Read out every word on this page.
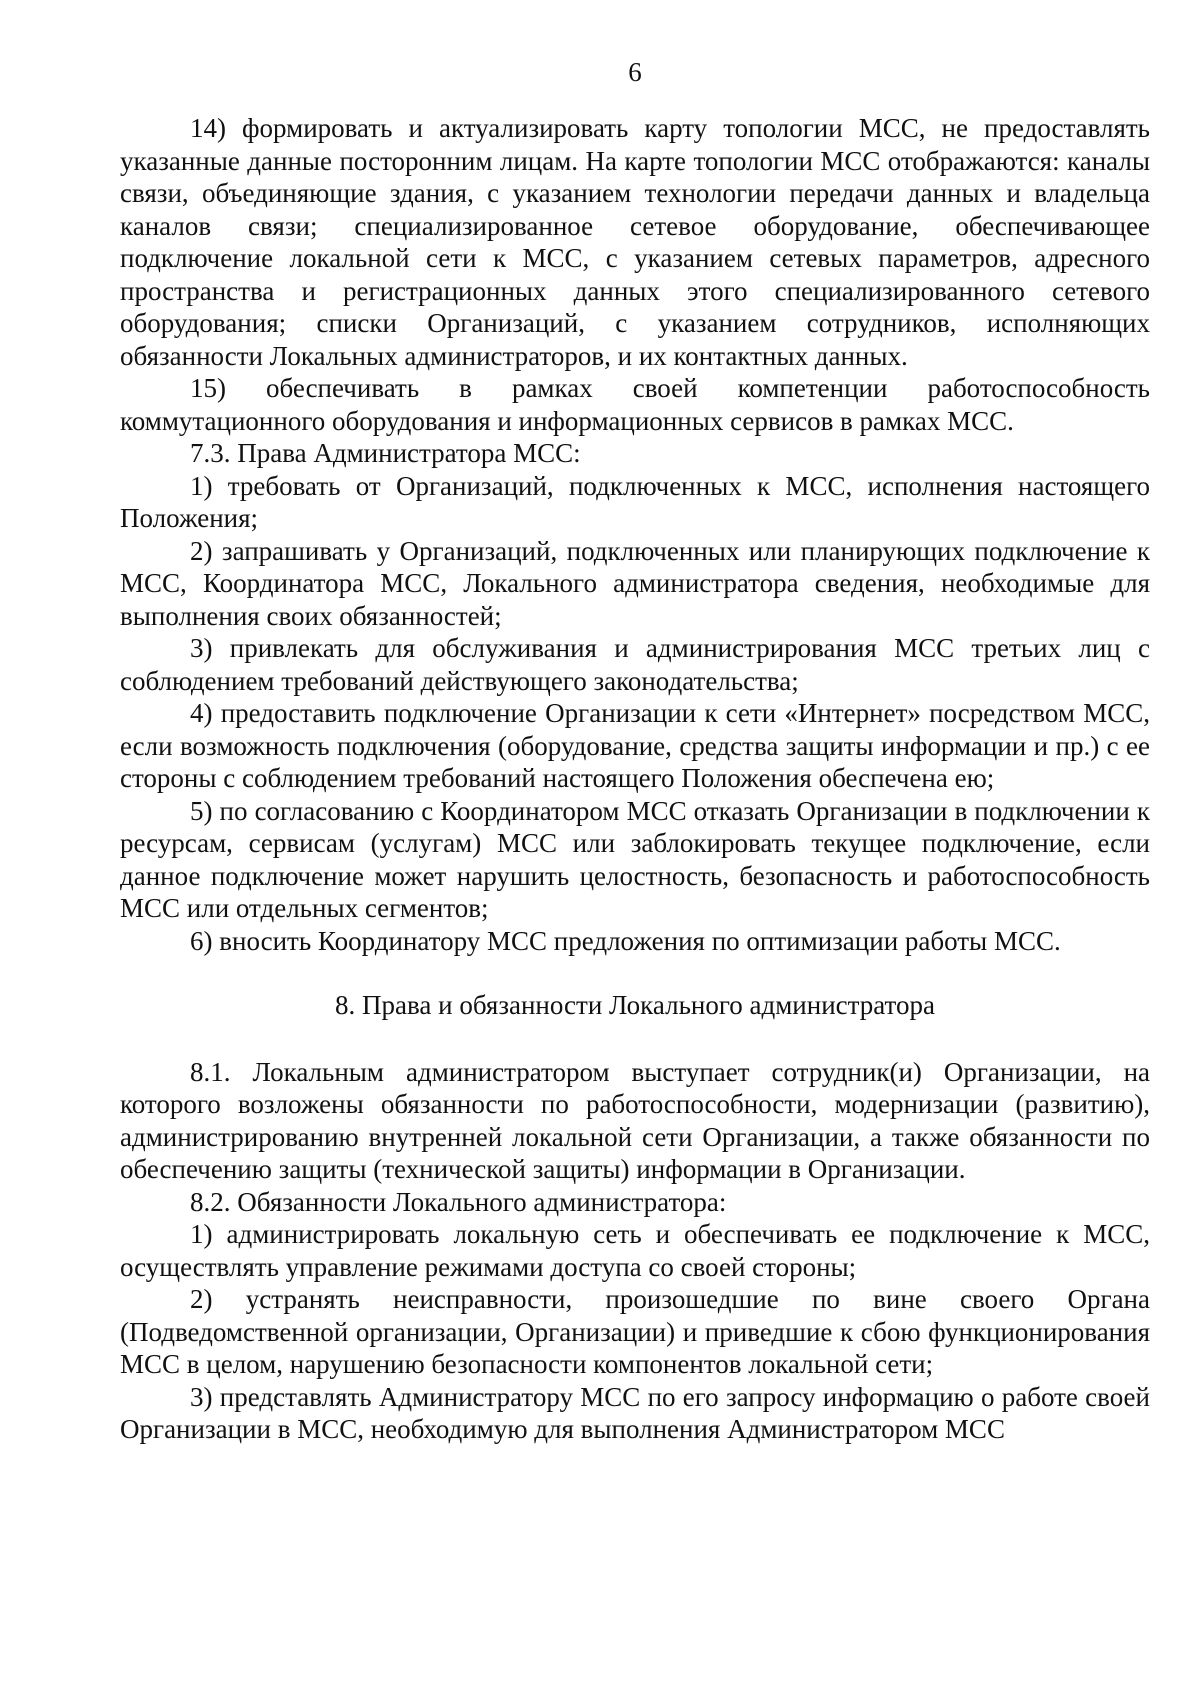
6

14) формировать и актуализировать карту топологии МСС, не предоставлять указанные данные посторонним лицам. На карте топологии МСС отображаются: каналы связи, объединяющие здания, с указанием технологии передачи данных и владельца каналов связи; специализированное сетевое оборудование, обеспечивающее подключение локальной сети к МСС, с указанием сетевых параметров, адресного пространства и регистрационных данных этого специализированного сетевого оборудования; списки Организаций, с указанием сотрудников, исполняющих обязанности Локальных администраторов, и их контактных данных.

15) обеспечивать в рамках своей компетенции работоспособность коммутационного оборудования и информационных сервисов в рамках МСС.

7.3. Права Администратора МСС:

1) требовать от Организаций, подключенных к МСС, исполнения настоящего Положения;

2) запрашивать у Организаций, подключенных или планирующих подключение к МСС, Координатора МСС, Локального администратора сведения, необходимые для выполнения своих обязанностей;

3) привлекать для обслуживания и администрирования МСС третьих лиц с соблюдением требований действующего законодательства;

4) предоставить подключение Организации к сети «Интернет» посредством МСС, если возможность подключения (оборудование, средства защиты информации и пр.) с ее стороны с соблюдением требований настоящего Положения обеспечена ею;

5) по согласованию с Координатором МСС отказать Организации в подключении к ресурсам, сервисам (услугам) МСС или заблокировать текущее подключение, если данное подключение может нарушить целостность, безопасность и работоспособность МСС или отдельных сегментов;

6) вносить Координатору МСС предложения по оптимизации работы МСС.

8. Права и обязанности Локального администратора

8.1. Локальным администратором выступает сотрудник(и) Организации, на которого возложены обязанности по работоспособности, модернизации (развитию), администрированию внутренней локальной сети Организации, а также обязанности по обеспечению защиты (технической защиты) информации в Организации.

8.2. Обязанности Локального администратора:

1) администрировать локальную сеть и обеспечивать ее подключение к МСС, осуществлять управление режимами доступа со своей стороны;

2) устранять неисправности, произошедшие по вине своего Органа (Подведомственной организации, Организации) и приведшие к сбою функционирования МСС в целом, нарушению безопасности компонентов локальной сети;

3) представлять Администратору МСС по его запросу информацию о работе своей Организации в МСС, необходимую для выполнения Администратором МСС
